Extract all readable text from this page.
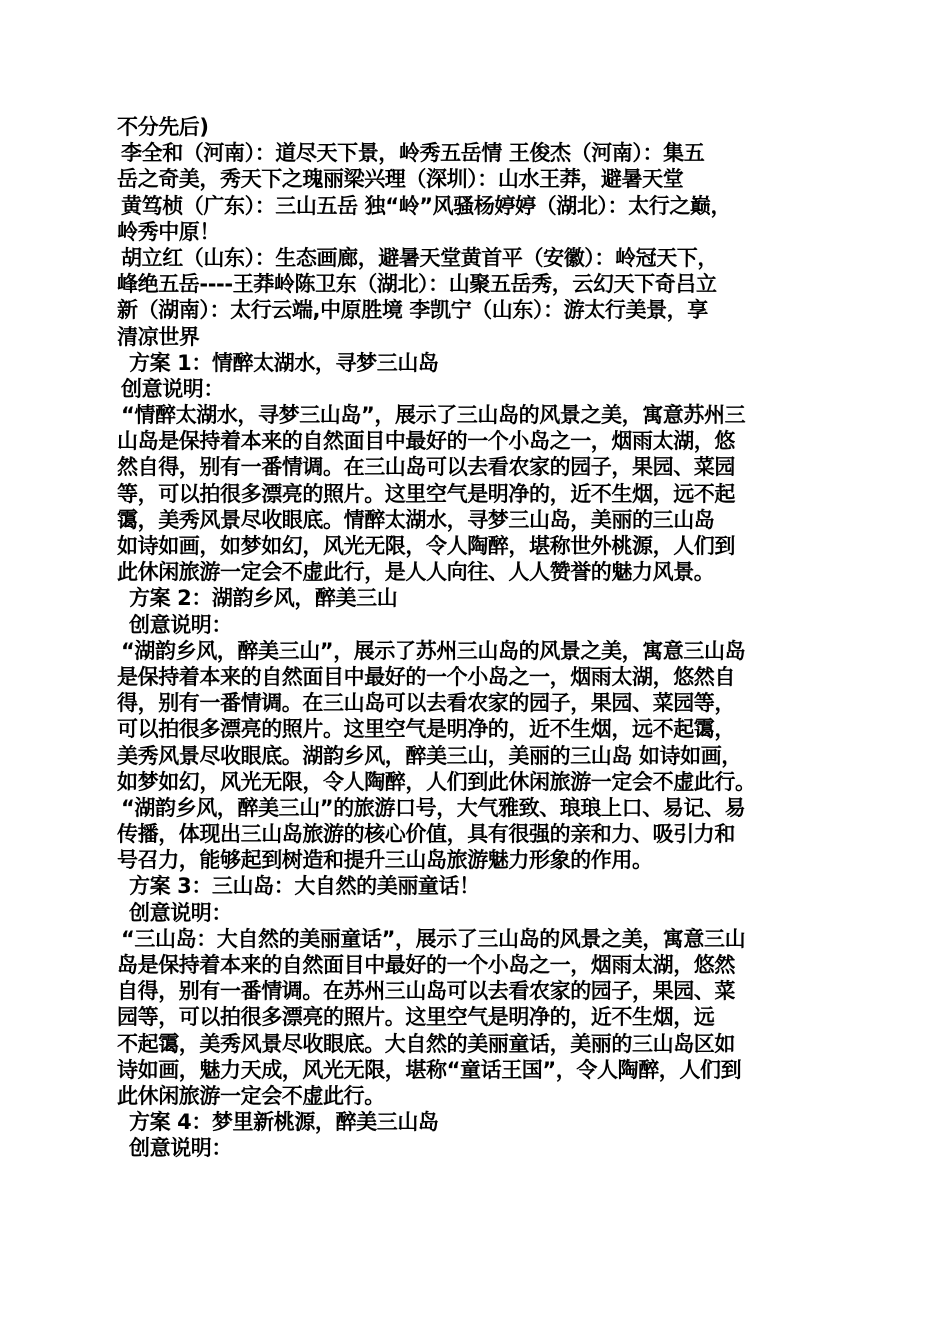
不分先后)
李全和（河南）：道尽天下景，岭秀五岳情 王俊杰（河南）：集五
岳之奇美，秀天下之瑰丽梁兴理（深圳）：山水王莽，避暑天堂
黄笃桢（广东）：三山五岳 独“岭”风骚杨婷婷（湖北）：太行之巅，
岭秀中原！
胡立红（山东）：生态画廊，避暑天堂黄首平（安徽）：岭冠天下，
峰绝五岳----王莽岭陈卫东（湖北）：山聚五岳秀，云幻天下奇吕立
新（湖南）：太行云端,中原胜境 李凯宁（山东）：游太行美景，享
清凉世界
方案 1：情醉太湖水，寻梦三山岛
创意说明：
“情醉太湖水，寻梦三山岛”，展示了三山岛的风景之美，寓意苏州三
山岛是保持着本来的自然面目中最好的一个小岛之一，烟雨太湖，悠
然自得，别有一番情调。在三山岛可以去看农家的园子，果园、菜园
等，可以拍很多漂亮的照片。这里空气是明净的，近不生烟，远不起
霭，美秀风景尽收眼底。情醉太湖水，寻梦三山岛，美丽的三山岛
如诗如画，如梦如幻，风光无限，令人陶醉，堪称世外桃源，人们到
此休闲旅游一定会不虚此行，是人人向往、人人赞誉的魅力风景。
方案 2：湖韵乡风，醉美三山
创意说明：
“湖韵乡风，醉美三山”，展示了苏州三山岛的风景之美，寓意三山岛
是保持着本来的自然面目中最好的一个小岛之一，烟雨太湖，悠然自
得，别有一番情调。在三山岛可以去看农家的园子，果园、菜园等，
可以拍很多漂亮的照片。这里空气是明净的，近不生烟，远不起霭，
美秀风景尽收眼底。湖韵乡风，醉美三山，美丽的三山岛 如诗如画，
如梦如幻，风光无限，令人陶醉，人们到此休闲旅游一定会不虚此行。
“湖韵乡风，醉美三山”的旅游口号，大气雅致、琅琅上口、易记、易
传播，体现出三山岛旅游的核心价值，具有很强的亲和力、吸引力和
号召力，能够起到树造和提升三山岛旅游魅力形象的作用。
方案 3：三山岛：大自然的美丽童话！
创意说明：
“三山岛：大自然的美丽童话”，展示了三山岛的风景之美，寓意三山
岛是保持着本来的自然面目中最好的一个小岛之一，烟雨太湖，悠然
自得，别有一番情调。在苏州三山岛可以去看农家的园子，果园、菜
园等，可以拍很多漂亮的照片。这里空气是明净的，近不生烟，远
不起霭，美秀风景尽收眼底。大自然的美丽童话，美丽的三山岛区如
诗如画，魅力天成，风光无限，堪称“童话王国”，令人陶醉，人们到
此休闲旅游一定会不虚此行。
方案 4：梦里新桃源，醉美三山岛
创意说明：
